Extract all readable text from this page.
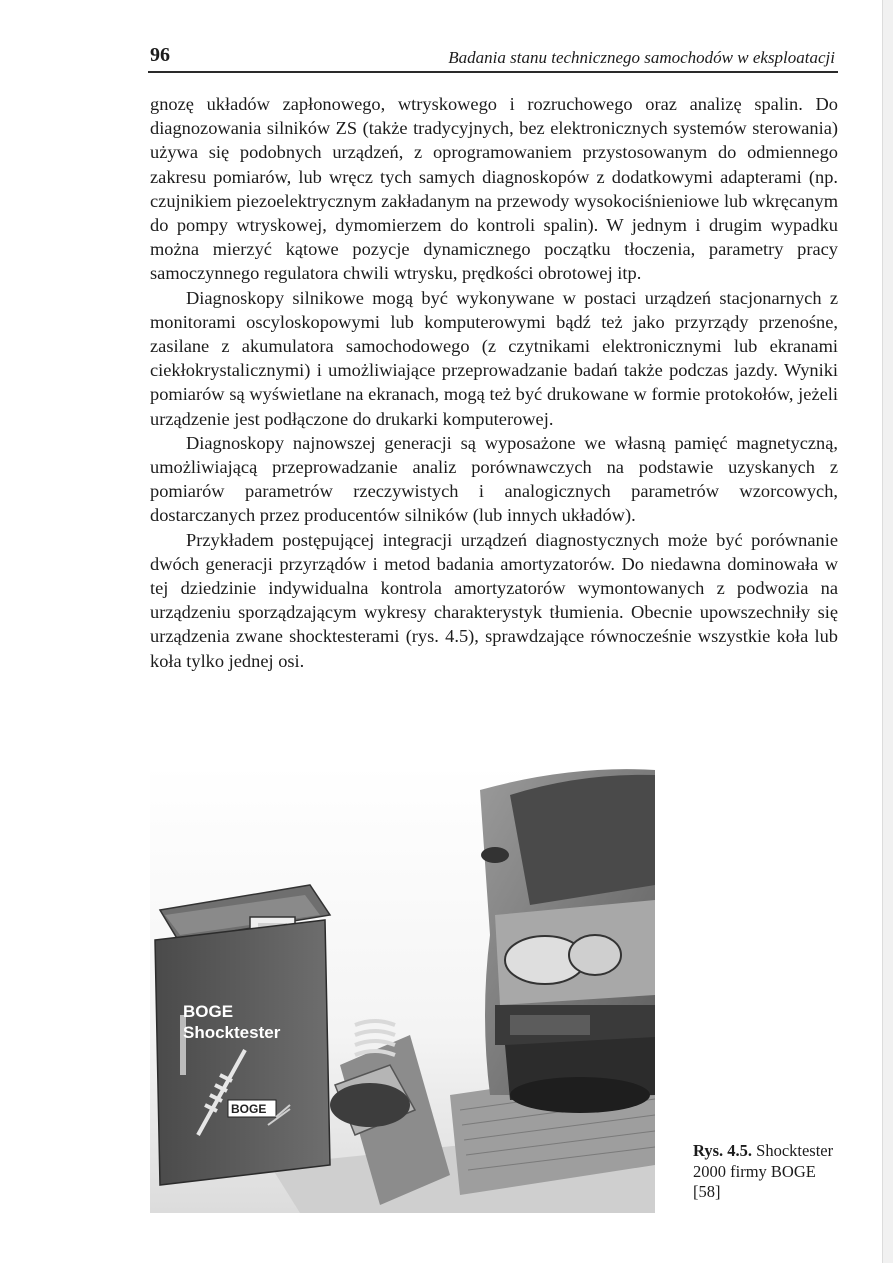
96	Badania stanu technicznego samochodów w eksploatacji

gnozę układów zapłonowego, wtryskowego i rozruchowego oraz analizę spalin. Do diagnozowania silników ZS (także tradycyjnych, bez elektronicznych systemów sterowania) używa się podobnych urządzeń, z oprogramowaniem przystosowanym do odmiennego zakresu pomiarów, lub wręcz tych samych diagnoskopów z dodatkowymi adapterami (np. czujnikiem piezoelektrycznym zakładanym na przewody wysokociśnieniowe lub wkręcanym do pompy wtryskowej, dymomierzem do kontroli spalin). W jednym i drugim wypadku można mierzyć kątowe pozycje dynamicznego początku tłoczenia, parametry pracy samoczynnego regulatora chwili wtrysku, prędkości obrotowej itp.

Diagnoskopy silnikowe mogą być wykonywane w postaci urządzeń stacjonarnych z monitorami oscyloskopowymi lub komputerowymi bądź też jako przyrządy przenośne, zasilane z akumulatora samochodowego (z czytnikami elektronicznymi lub ekranami ciekłokrystalicznymi) i umożliwiające przeprowadzanie badań także podczas jazdy. Wyniki pomiarów są wyświetlane na ekranach, mogą też być drukowane w formie protokołów, jeżeli urządzenie jest podłączone do drukarki komputerowej.

Diagnoskopy najnowszej generacji są wyposażone we własną pamięć magnetyczną, umożliwiającą przeprowadzanie analiz porównawczych na podstawie uzyskanych z pomiarów parametrów rzeczywistych i analogicznych parametrów wzorcowych, dostarczanych przez producentów silników (lub innych układów).

Przykładem postępującej integracji urządzeń diagnostycznych może być porównanie dwóch generacji przyrządów i metod badania amortyzatorów. Do niedawna dominowała w tej dziedzinie indywidualna kontrola amortyzatorów wymontowanych z podwozia na urządzeniu sporządzającym wykresy charakterystyk tłumienia. Obecnie upowszechniły się urządzenia zwane shocktesterami (rys. 4.5), sprawdzające równocześnie wszystkie koła lub koła tylko jednej osi.

BOGE
Shocktester
BOGE
Rys. 4.5. Shocktester 2000 firmy BOGE [58]
